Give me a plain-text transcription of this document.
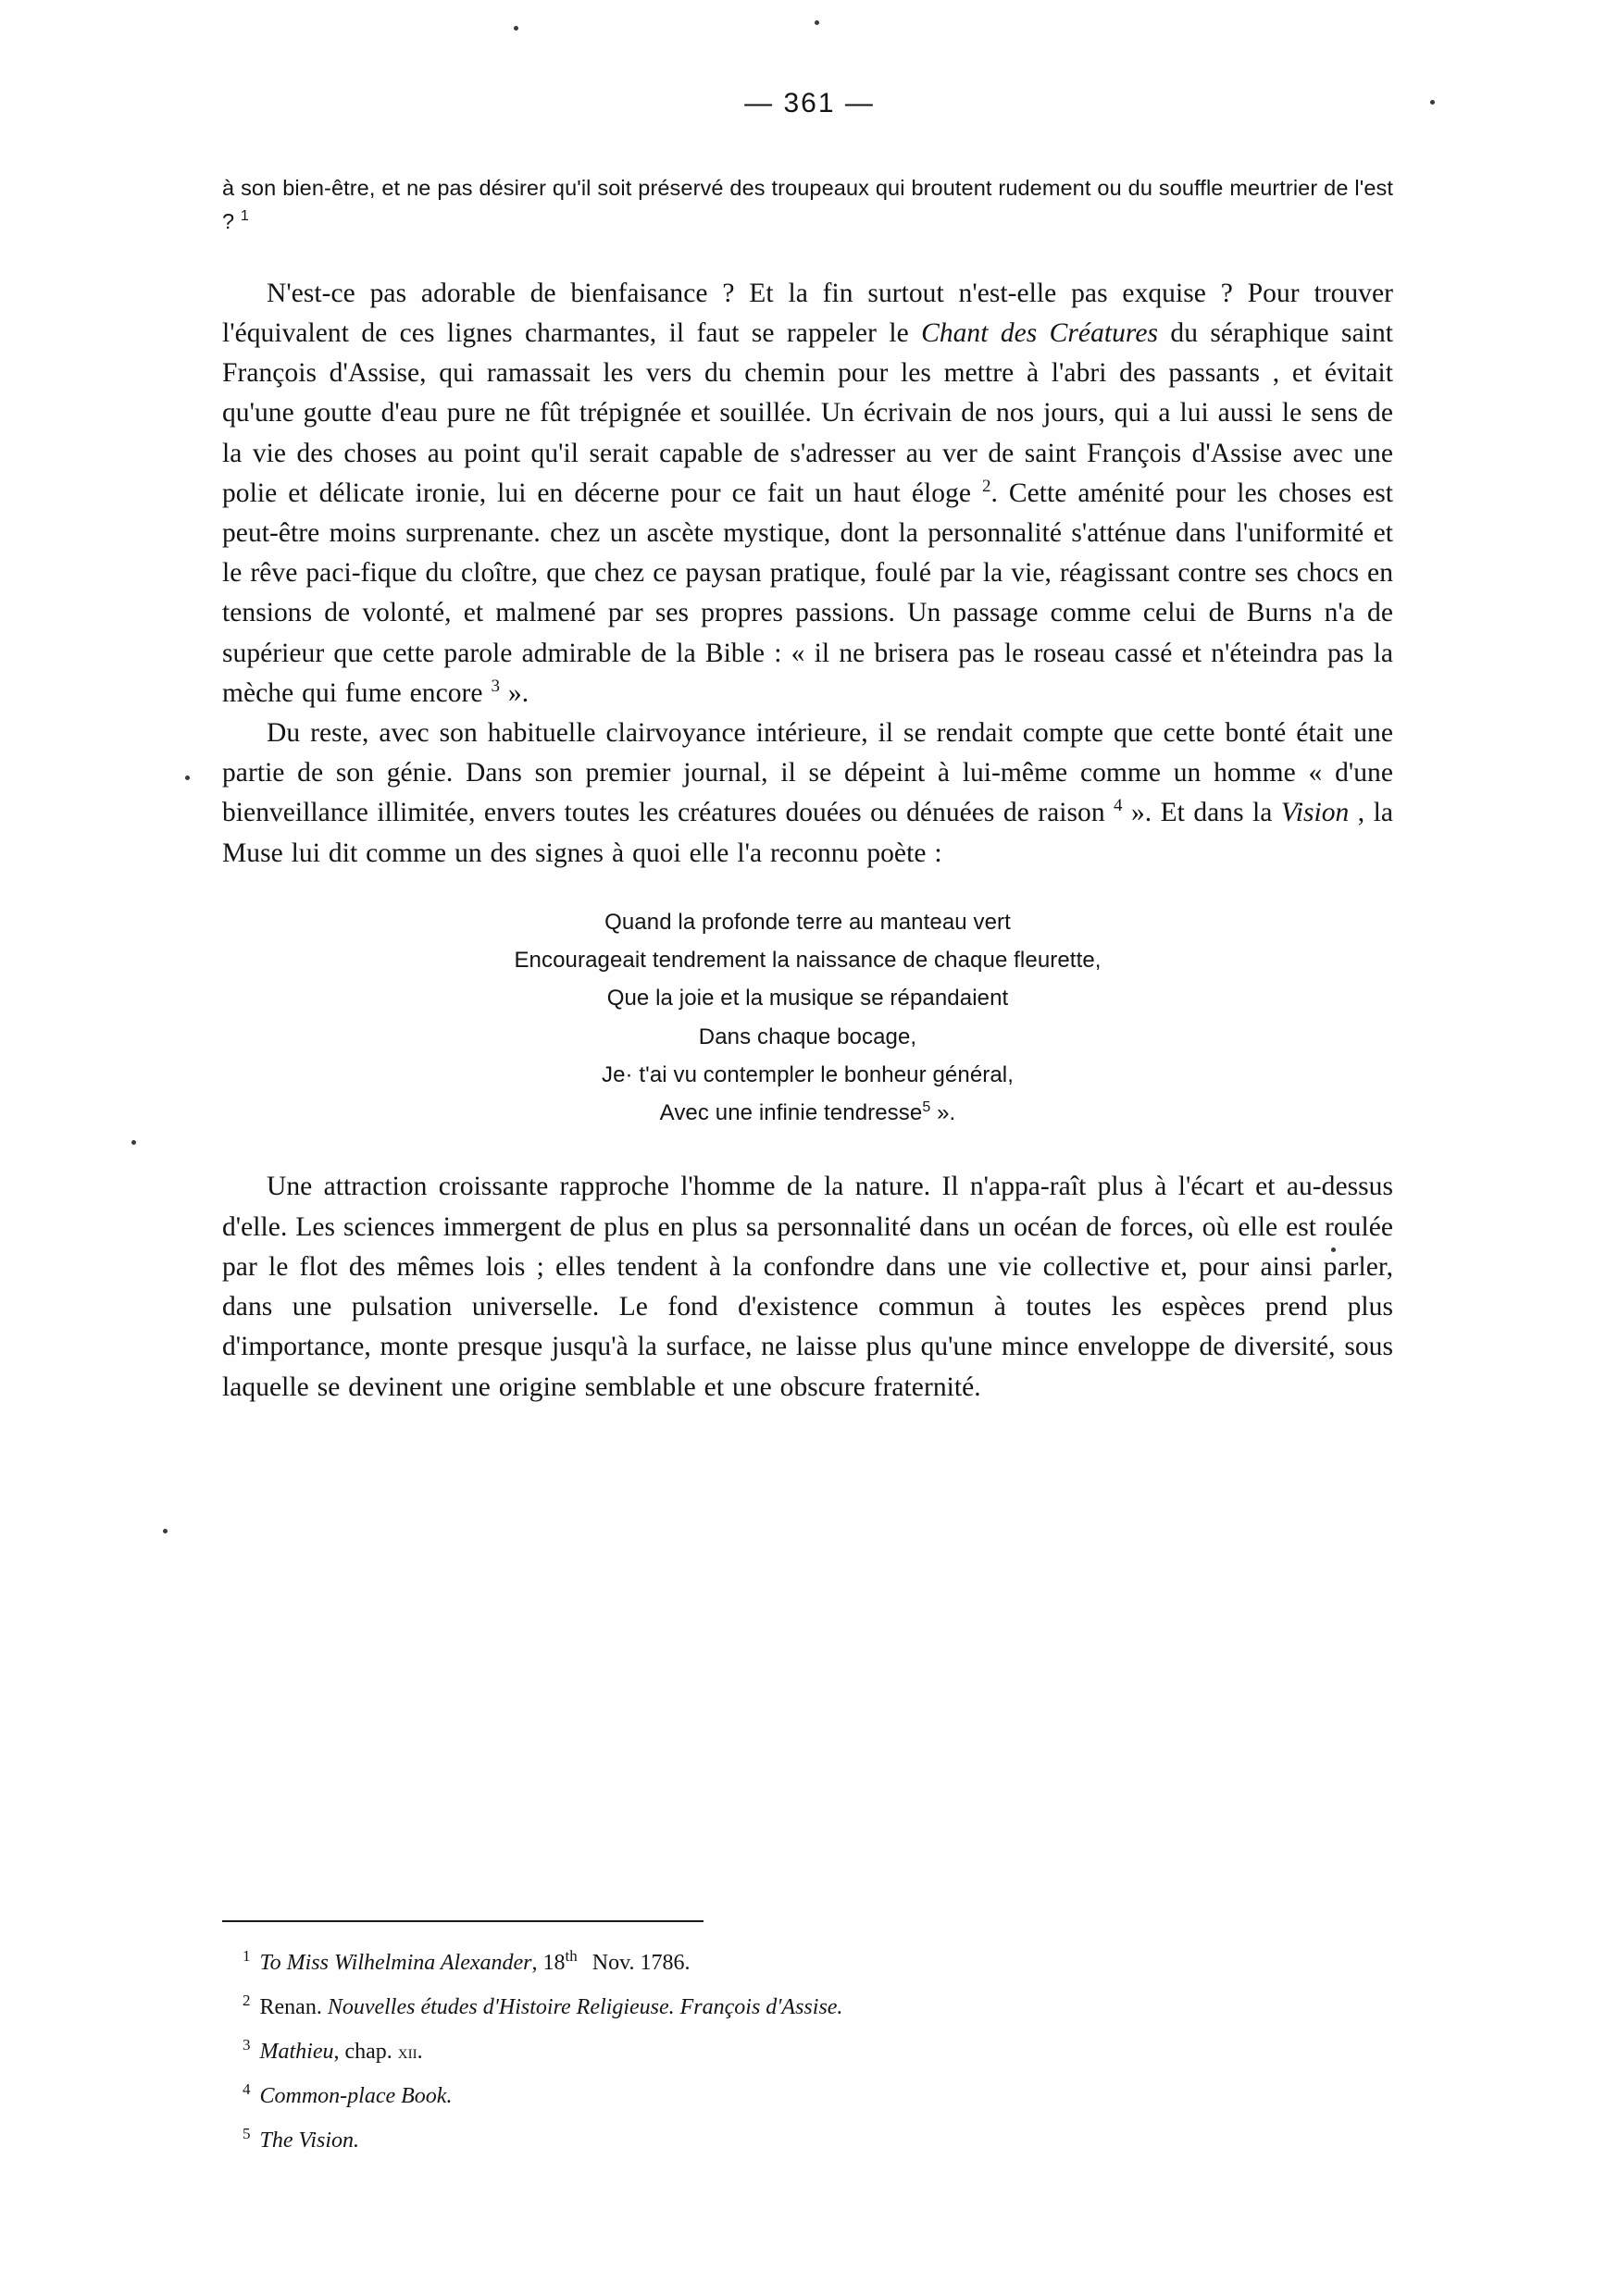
— 361 —
à son bien-être, et ne pas désirer qu'il soit préservé des troupeaux qui broutent rudement ou du souffle meurtrier de l'est ? $^1$

N'est-ce pas adorable de bienfaisance ? Et la fin surtout n'est-elle pas exquise ? Pour trouver l'équivalent de ces lignes charmantes, il faut se rappeler le Chant des Créatures du séraphique saint François d'Assise, qui ramassait les vers du chemin pour les mettre à l'abri des passants , et évitait qu'une goutte d'eau pure ne fût trépignée et souillée. Un écrivain de nos jours, qui a lui aussi le sens de la vie des choses au point qu'il serait capable de s'adresser au ver de saint François d'Assise avec une polie et délicate ironie, lui en décerne pour ce fait un haut éloge $^2$. Cette aménité pour les choses est peut-être moins surprenante. chez un ascète mystique, dont la personnalité s'atténue dans l'uniformité et le rêve paci-fique du cloître, que chez ce paysan pratique, foulé par la vie, réagissant contre ses chocs en tensions de volonté, et malmené par ses propres passions. Un passage comme celui de Burns n'a de supérieur que cette parole admirable de la Bible : « il ne brisera pas le roseau cassé et n'éteindra pas la mèche qui fume encore $^3$ ».

Du reste, avec son habituelle clairvoyance intérieure, il se rendait compte que cette bonté était une partie de son génie. Dans son premier journal, il se dépeint à lui-même comme un homme « d'une bienveillance illimitée, envers toutes les créatures douées ou dénuées de raison $^4$ ». Et dans la Vision , la Muse lui dit comme un des signes à quoi elle l'a reconnu poète :

Quand la profonde terre au manteau vert
Encourageait tendrement la naissance de chaque fleurette,
Que la joie et la musique se répandaient
Dans chaque bocage,
Je· t'ai vu contempler le bonheur général,
Avec une infinie tendresse$^5$ ».

Une attraction croissante rapproche l'homme de la nature. Il n'appa-raît plus à l'écart et au-dessus d'elle. Les sciences immergent de plus en plus sa personnalité dans un océan de forces, où elle est roulée par le flot des mêmes lois ; elles tendent à la confondre dans une vie collective et, pour ainsi parler, dans une pulsation universelle. Le fond d'existence commun à toutes les espèces prend plus d'importance, monte presque jusqu'à la surface, ne laisse plus qu'une mince enveloppe de diversité, sous laquelle se devinent une origine semblable et une obscure fraternité.

$^1$ To Miss Wilhelmina Alexander, 18th Nov. 1786.
$^2$ Renan. Nouvelles études d'Histoire Religieuse. François d'Assise.
$^3$ Mathieu, chap. xii.
$^4$ Common-place Book.
$^5$ The Vision.
